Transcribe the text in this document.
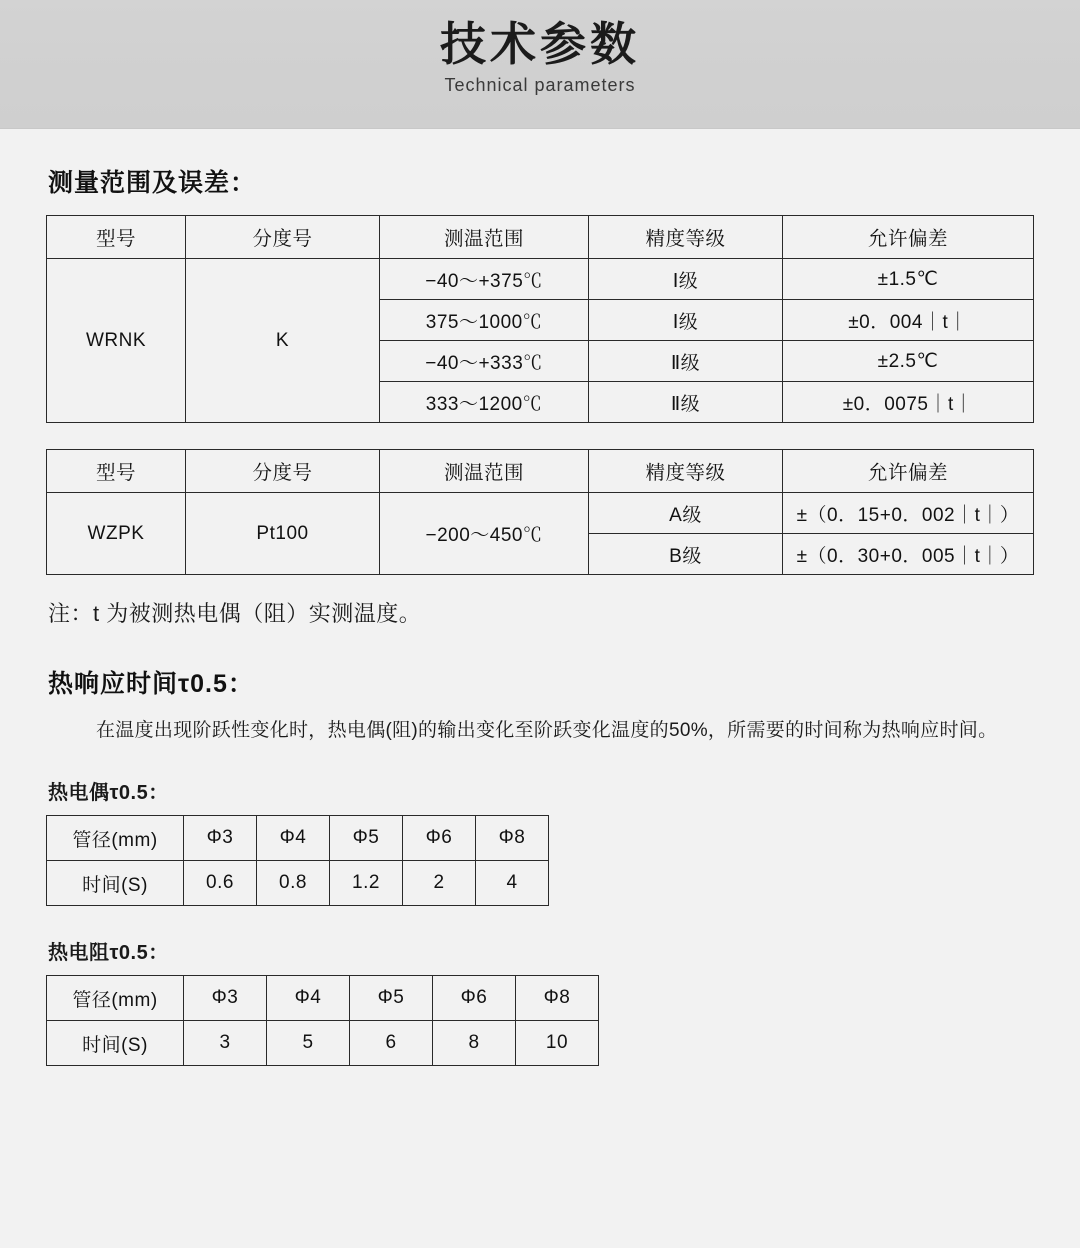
技术参数
Technical parameters
测量范围及误差：
型号	分度号	测温范围	精度等级	允许偏差
WRNK	K	−40～+375℃	Ⅰ级	±1.5℃
		375～1000℃	Ⅰ级	±0．004｜t｜
		−40～+333℃	Ⅱ级	±2.5℃
		333～1200℃	Ⅱ级	±0．0075｜t｜
型号	分度号	测温范围	精度等级	允许偏差
WZPK	Pt100	−200～450℃	A级	±（0．15+0．002｜t｜）
			B级	±（0．30+0．005｜t｜）
注：t 为被测热电偶（阻）实测温度。
热响应时间τ0.5：

在温度出现阶跃性变化时，热电偶(阻)的输出变化至阶跃变化温度的50%，所需要的时间称为热响应时间。

热电偶τ0.5：
管径(mm)	Φ3	Φ4	Φ5	Φ6	Φ8
时间(S)	0.6	0.8	1.2	2	4
热电阻τ0.5：
管径(mm)	Φ3	Φ4	Φ5	Φ6	Φ8
时间(S)	3	5	6	8	10
